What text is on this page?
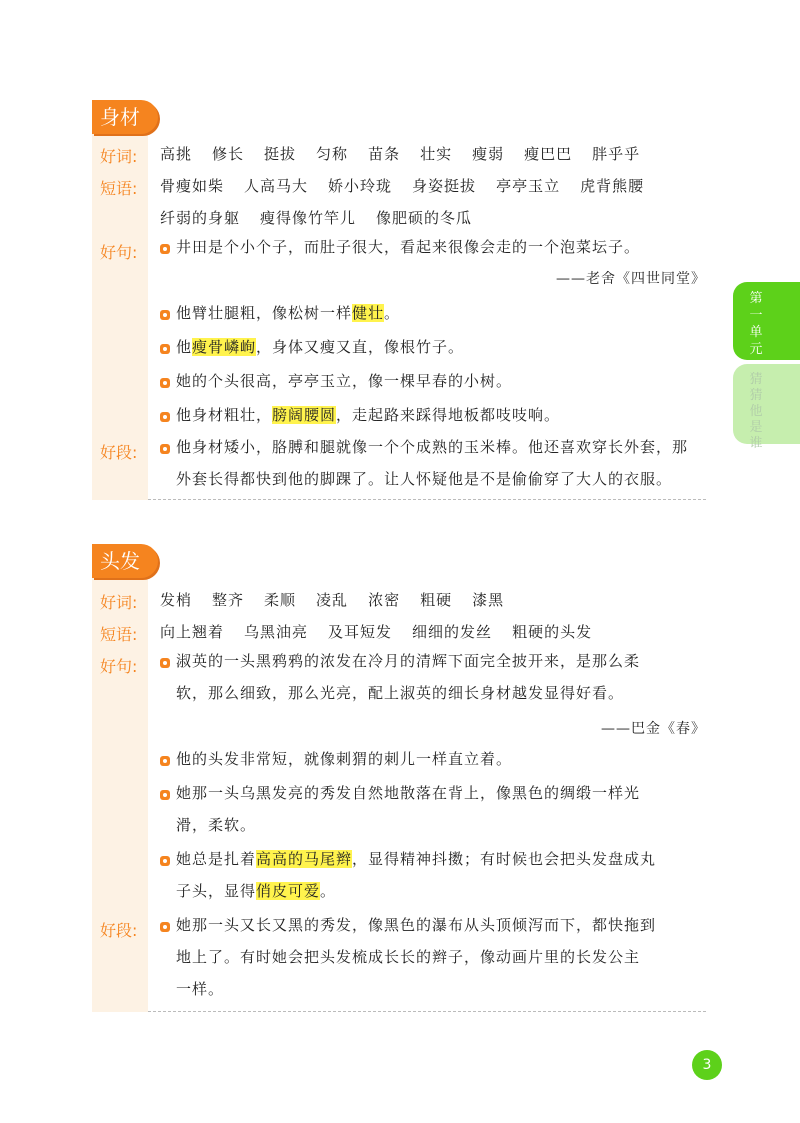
第一单元
猜猜他是谁
身材
好词:	高挑 修长 挺拔 匀称 苗条 壮实 瘦弱 瘦巴巴 胖乎乎
短语:	骨瘦如柴 人高马大 娇小玲珑 身姿挺拔 亭亭玉立 虎背熊腰
纤弱的身躯 瘦得像竹竿儿 像肥硕的冬瓜
好句:	井田是个小个子，而肚子很大，看起来很像会走的一个泡菜坛子。
——老舍《四世同堂》
他臂壮腿粗，像松树一样健壮。
他瘦骨嶙峋，身体又瘦又直，像根竹子。
她的个头很高，亭亭玉立，像一棵早春的小树。
他身材粗壮，膀阔腰圆，走起路来踩得地板都吱吱响。
好段:	他身材矮小，胳膊和腿就像一个个成熟的玉米棒。他还喜欢穿长外套，那
外套长得都快到他的脚踝了。让人怀疑他是不是偷偷穿了大人的衣服。
头发
好词:	发梢 整齐 柔顺 凌乱 浓密 粗硬 漆黑
短语:	向上翘着 乌黑油亮 及耳短发 细细的发丝 粗硬的头发
好句:	淑英的一头黑鸦鸦的浓发在冷月的清辉下面完全披开来，是那么柔
软，那么细致，那么光亮，配上淑英的细长身材越发显得好看。
——巴金《春》
他的头发非常短，就像刺猬的刺儿一样直立着。
她那一头乌黑发亮的秀发自然地散落在背上，像黑色的绸缎一样光
滑，柔软。
她总是扎着高高的马尾辫，显得精神抖擞；有时候也会把头发盘成丸
子头，显得俏皮可爱。
好段:	她那一头又长又黑的秀发，像黑色的瀑布从头顶倾泻而下，都快拖到
地上了。有时她会把头发梳成长长的辫子，像动画片里的长发公主
一样。
3
